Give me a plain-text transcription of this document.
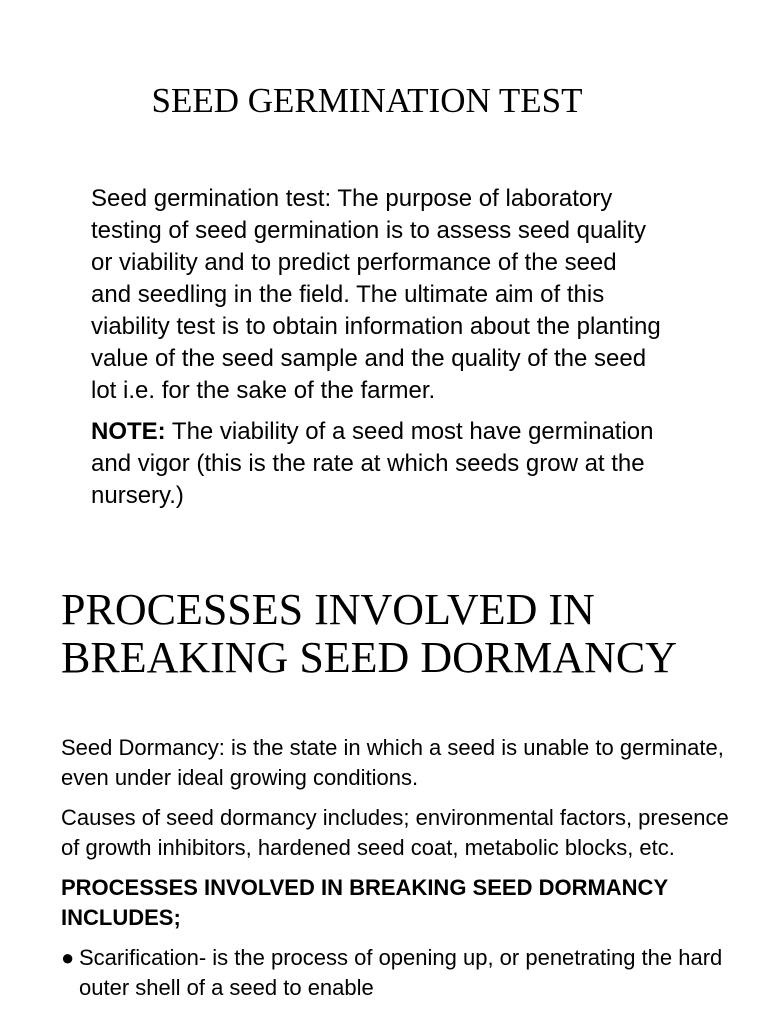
SEED GERMINATION TEST

Seed germination test: The purpose of laboratory testing of seed germination is to assess seed quality or viability and to predict performance of the seed and seedling in the field. The ultimate aim of this viability test is to obtain information about the planting value of the seed sample and the quality of the seed lot i.e. for the sake of the farmer.

NOTE: The viability of a seed most have germination and vigor (this is the rate at which seeds grow at the nursery.)

PROCESSES INVOLVED IN BREAKING SEED DORMANCY

Seed Dormancy: is the state in which a seed is unable to germinate, even under ideal growing conditions.

Causes of seed dormancy includes; environmental factors, presence of growth inhibitors, hardened seed coat, metabolic blocks, etc.

PROCESSES INVOLVED IN BREAKING SEED DORMANCY INCLUDES;

● Scarification- is the process of opening up, or penetrating the hard outer shell of a seed to enable
